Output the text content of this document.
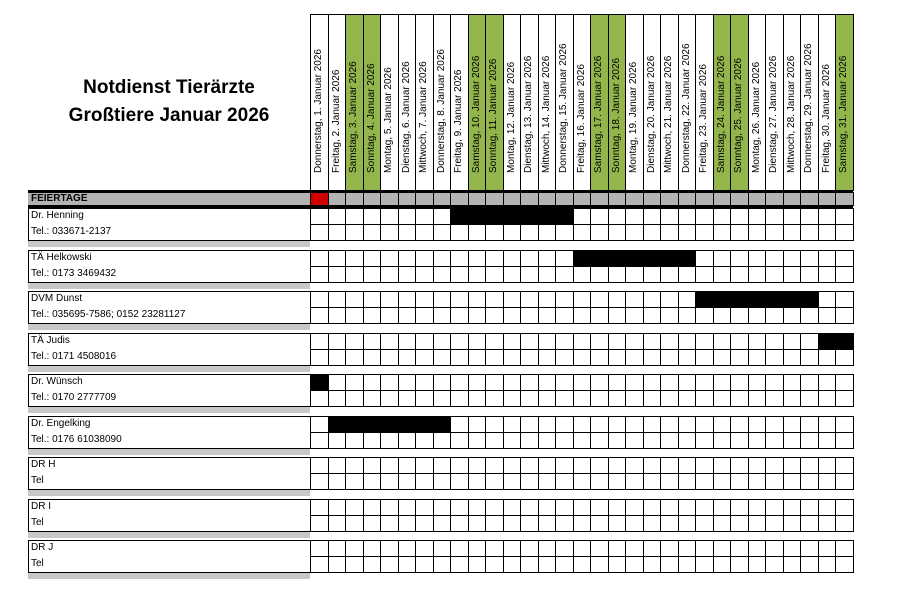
Notdienst Tierärzte
Großtiere Januar 2026	Donnerstag, 1. Januar 2026 Freitag, 2. Januar 2026 Samstag, 3. Januar 2026 Sonntag, 4. Januar 2026 Montag, 5. Januar 2026 Dienstag, 6. Januar 2026 Mittwoch, 7. Januar 2026 Donnerstag, 8. Januar 2026 Freitag, 9. Januar 2026 Samstag, 10. Januar 2026 Sonntag, 11. Januar 2026 Montag, 12. Januar 2026 Dienstag, 13. Januar 2026 Mittwoch, 14. Januar 2026 Donnerstag, 15. Januar 2026 Freitag, 16. Januar 2026 Samstag, 17. Januar 2026 Sonntag, 18. Januar 2026 Montag, 19. Januar 2026 Dienstag, 20. Januar 2026 Mittwoch, 21. Januar 2026 Donnerstag, 22. Januar 2026 Freitag, 23. Januar 2026 Samstag, 24. Januar 2026 Sonntag, 25. Januar 2026 Montag, 26. Januar 2026 Dienstag, 27. Januar 2026 Mittwoch, 28. Januar 2026 Donnerstag, 29. Januar 2026 Freitag, 30. Januar 2026 Samstag, 31. Januar 2026
FEIERTAGE
Dr. Henning
Tel.: 033671-2137
TÄ Helkowski
Tel.: 0173 3469432
DVM Dunst
Tel.: 035695-7586; 0152 23281127
TÄ Judis
Tel.: 0171 4508016
Dr. Wünsch
Tel.: 0170 2777709
Dr. Engelking
Tel.: 0176 61038090
DR H
Tel
DR I
Tel
DR J
Tel
